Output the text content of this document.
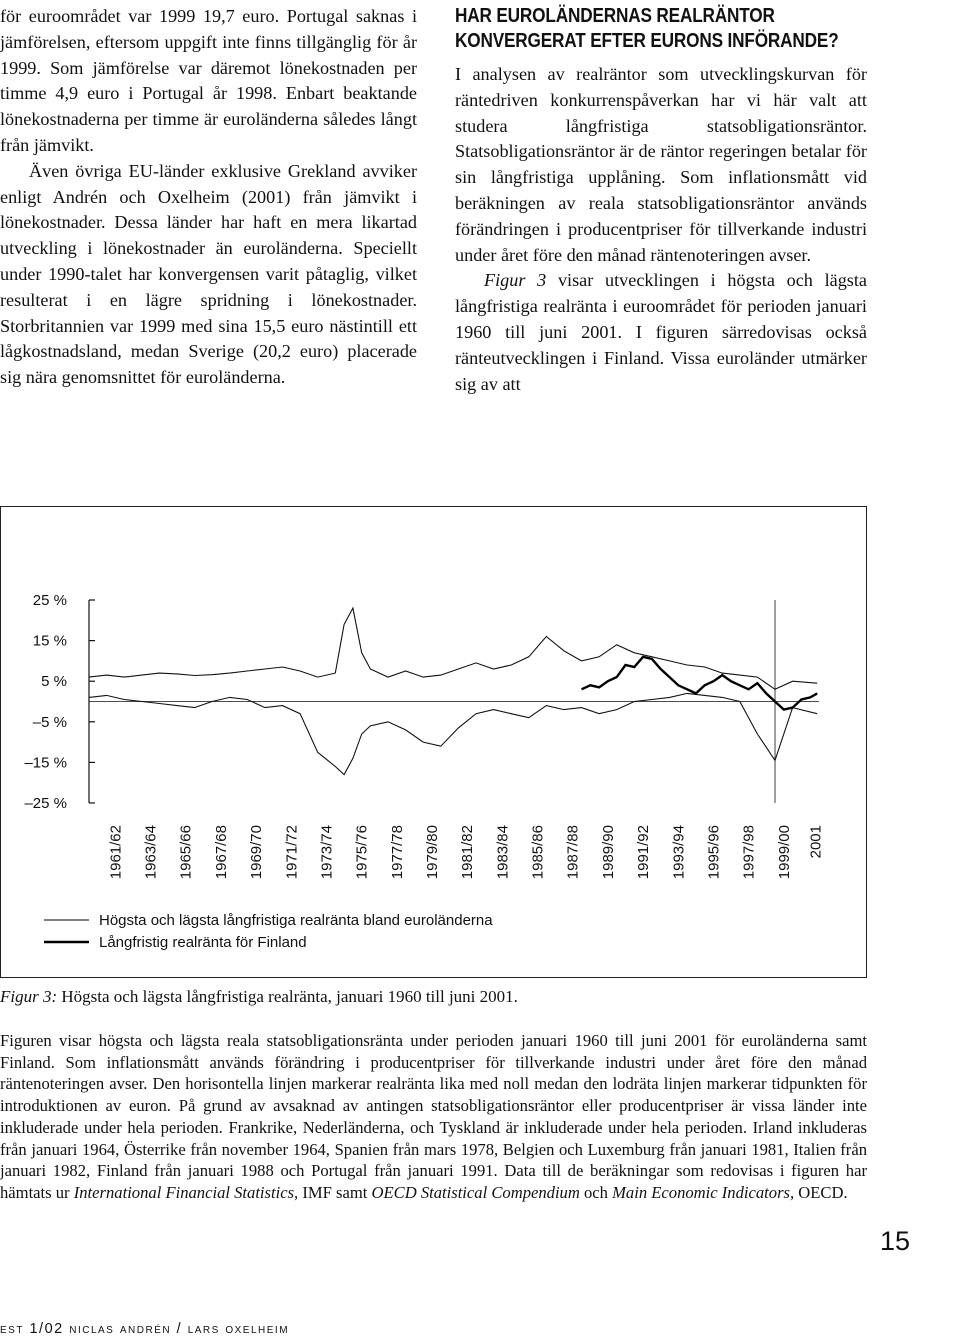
för euroområdet var 1999 19,7 euro. Portugal saknas i jämförelsen, eftersom uppgift inte finns tillgänglig för år 1999. Som jämförelse var däremot lönekostnaden per timme 4,9 euro i Portugal år 1998. Enbart beaktande lönekostnaderna per timme är euroländerna således långt från jämvikt.

Även övriga EU-länder exklusive Grekland avviker enligt Andrén och Oxelheim (2001) från jämvikt i lönekostnader. Dessa länder har haft en mera likartad utveckling i lönekostnader än euroländerna. Speciellt under 1990-talet har konvergensen varit påtaglig, vilket resulterat i en lägre spridning i lönekostnader. Storbritannien var 1999 med sina 15,5 euro nästintill ett lågkostnadsland, medan Sverige (20,2 euro) placerade sig nära genomsnittet för euroländerna.

HAR EUROLÄNDERNAS REALRÄNTOR
KONVERGERAT EFTER EURONS INFÖRANDE?

I analysen av realräntor som utvecklingskurvan för räntedriven konkurrenspåverkan har vi här valt att studera långfristiga statsobligationsräntor. Statsobligationsräntor är de räntor regeringen betalar för sin långfristiga upplåning. Som inflationsmått vid beräkningen av reala statsobligationsräntor används förändringen i producentpriser för tillverkande industri under året före den månad räntenoteringen avser.

Figur 3 visar utvecklingen i högsta och lägsta långfristiga realränta i euroområdet för perioden januari 1960 till juni 2001. I figuren särredovisas också ränteutvecklingen i Finland. Vissa euroländer utmärker sig av att

25 %
15 %
5 %
–5 %
–15 %
–25 %
1961/62 1963/64 1965/66 1967/68 1969/70 1971/72 1973/74 1975/76 1977/78 1979/80 1981/82 1983/84 1985/86 1987/88 1989/90 1991/92 1993/94 1995/96 1997/98 1999/00 2001
Högsta och lägsta långfristiga realränta bland euroländerna
Långfristig realränta för Finland
Figur 3: Högsta och lägsta långfristiga realränta, januari 1960 till juni 2001.
Figuren visar högsta och lägsta reala statsobligationsränta under perioden januari 1960 till juni 2001 för euroländerna samt Finland. Som inflationsmått används förändring i producentpriser för tillverkande industri under året före den månad räntenoteringen avser. Den horisontella linjen markerar realränta lika med noll medan den lodräta linjen markerar tidpunkten för introduktionen av euron. På grund av avsaknad av antingen statsobligationsräntor eller producentpriser är vissa länder inte inkluderade under hela perioden. Frankrike, Nederländerna, och Tyskland är inkluderade under hela perioden. Irland inkluderas från januari 1964, Österrike från november 1964, Spanien från mars 1978, Belgien och Luxemburg från januari 1981, Italien från januari 1982, Finland från januari 1988 och Portugal från januari 1991. Data till de beräkningar som redovisas i figuren har hämtats ur International Financial Statistics, IMF samt OECD Statistical Compendium och Main Economic Indicators, OECD.
15
est 1/02 niclas andrén / lars oxelheim
